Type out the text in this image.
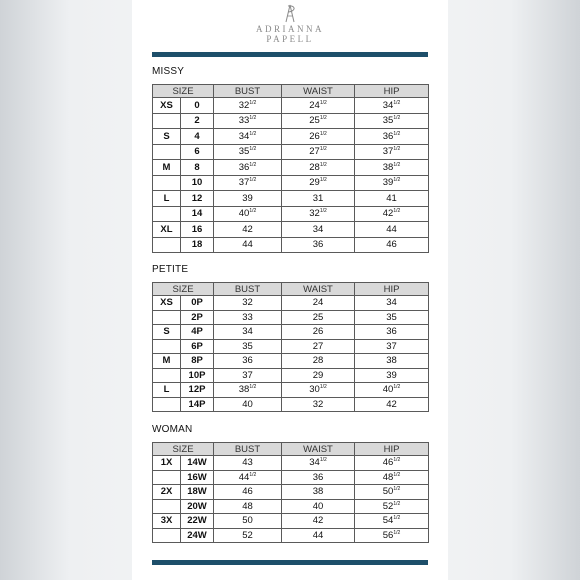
ADRIANNA
PAPELL
MISSY
SIZE		BUST	WAIST	HIP
XS	0	$32^{1/2}$	$24^{1/2}$	$34^{1/2}$
	2	$33^{1/2}$	$25^{1/2}$	$35^{1/2}$
S	4	$34^{1/2}$	$26^{1/2}$	$36^{1/2}$
	6	$35^{1/2}$	$27^{1/2}$	$37^{1/2}$
M	8	$36^{1/2}$	$28^{1/2}$	$38^{1/2}$
	10	$37^{1/2}$	$29^{1/2}$	$39^{1/2}$
L	12	39	31	41
	14	$40^{1/2}$	$32^{1/2}$	$42^{1/2}$
XL	16	42	34	44
	18	44	36	46
PETITE
SIZE		BUST	WAIST	HIP
XS	0P	32	24	34
	2P	33	25	35
S	4P	34	26	36
	6P	35	27	37
M	8P	36	28	38
	10P	37	29	39
L	12P	$38^{1/2}$	$30^{1/2}$	$40^{1/2}$
	14P	40	32	42
WOMAN
SIZE		BUST	WAIST	HIP
1X	14W	43	$34^{1/2}$	$46^{1/2}$
	16W	$44^{1/2}$	36	$48^{1/2}$
2X	18W	46	38	$50^{1/2}$
	20W	48	40	$52^{1/2}$
3X	22W	50	42	$54^{1/2}$
	24W	52	44	$56^{1/2}$
